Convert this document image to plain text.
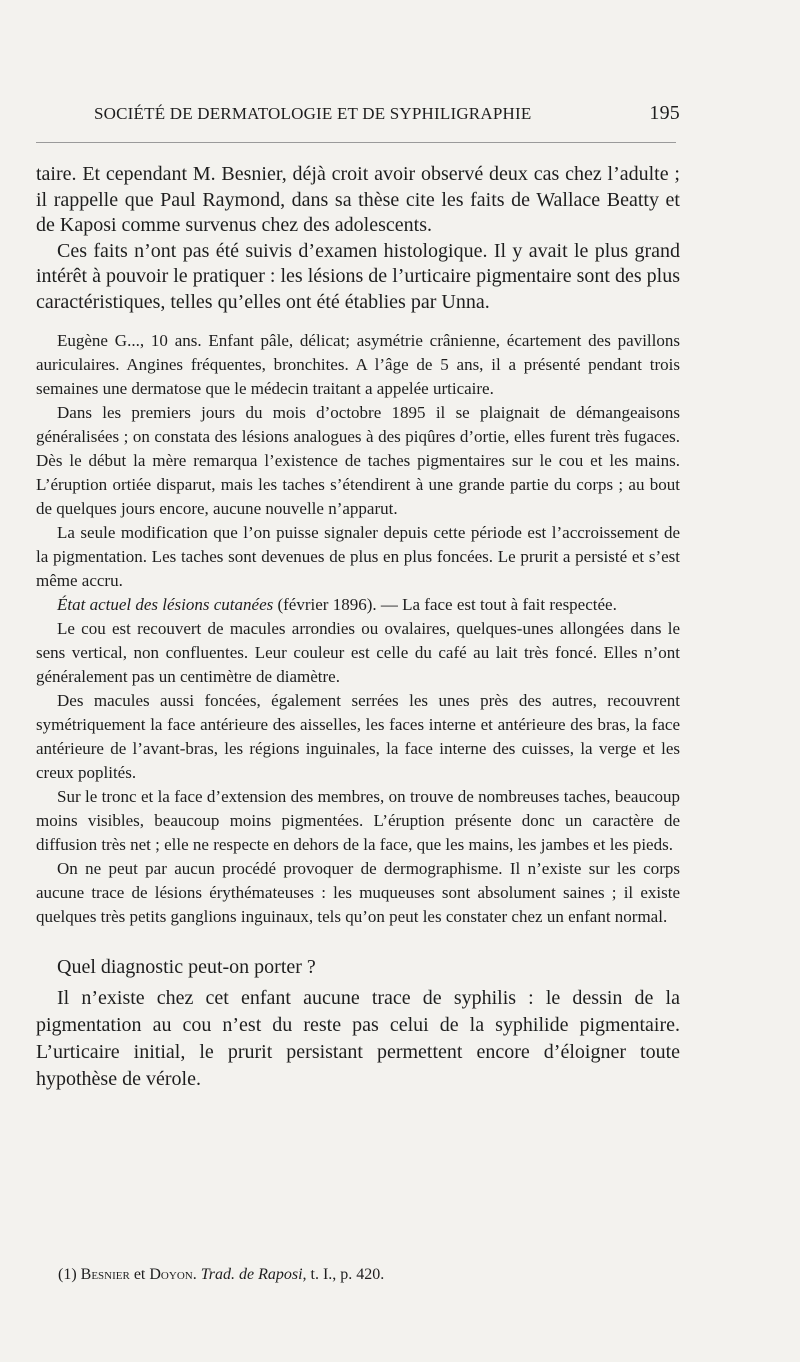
SOCIÉTÉ DE DERMATOLOGIE ET DE SYPHILIGRAPHIE	195

taire. Et cependant M. Besnier, déjà croit avoir observé deux cas chez l’adulte ; il rappelle que Paul Raymond, dans sa thèse cite les faits de Wallace Beatty et de Kaposi comme survenus chez des adolescents.

Ces faits n’ont pas été suivis d’examen histologique. Il y avait le plus grand intérêt à pouvoir le pratiquer : les lésions de l’urticaire pigmentaire sont des plus caractéristiques, telles qu’elles ont été établies par Unna.

Eugène G..., 10 ans. Enfant pâle, délicat; asymétrie crânienne, écartement des pavillons auriculaires. Angines fréquentes, bronchites. A l’âge de 5 ans, il a présenté pendant trois semaines une dermatose que le médecin traitant a appelée urticaire.

Dans les premiers jours du mois d’octobre 1895 il se plaignait de démangeaisons généralisées ; on constata des lésions analogues à des piqûres d’ortie, elles furent très fugaces. Dès le début la mère remarqua l’existence de taches pigmentaires sur le cou et les mains. L’éruption ortiée disparut, mais les taches s’étendirent à une grande partie du corps ; au bout de quelques jours encore, aucune nouvelle n’apparut.

La seule modification que l’on puisse signaler depuis cette période est l’accroissement de la pigmentation. Les taches sont devenues de plus en plus foncées. Le prurit a persisté et s’est même accru.

État actuel des lésions cutanées (février 1896). — La face est tout à fait respectée.

Le cou est recouvert de macules arrondies ou ovalaires, quelques-unes allongées dans le sens vertical, non confluentes. Leur couleur est celle du café au lait très foncé. Elles n’ont généralement pas un centimètre de diamètre.

Des macules aussi foncées, également serrées les unes près des autres, recouvrent symétriquement la face antérieure des aisselles, les faces interne et antérieure des bras, la face antérieure de l’avant-bras, les régions inguinales, la face interne des cuisses, la verge et les creux poplités.

Sur le tronc et la face d’extension des membres, on trouve de nombreuses taches, beaucoup moins visibles, beaucoup moins pigmentées. L’éruption présente donc un caractère de diffusion très net ; elle ne respecte en dehors de la face, que les mains, les jambes et les pieds.

On ne peut par aucun procédé provoquer de dermographisme. Il n’existe sur les corps aucune trace de lésions érythémateuses : les muqueuses sont absolument saines ; il existe quelques très petits ganglions inguinaux, tels qu’on peut les constater chez un enfant normal.

Quel diagnostic peut-on porter ?

Il n’existe chez cet enfant aucune trace de syphilis : le dessin de la pigmentation au cou n’est du reste pas celui de la syphilide pigmentaire. L’urticaire initial, le prurit persistant permettent encore d’éloigner toute hypothèse de vérole.

(1) Besnier et Doyon. Trad. de Raposi, t. I., p. 420.
